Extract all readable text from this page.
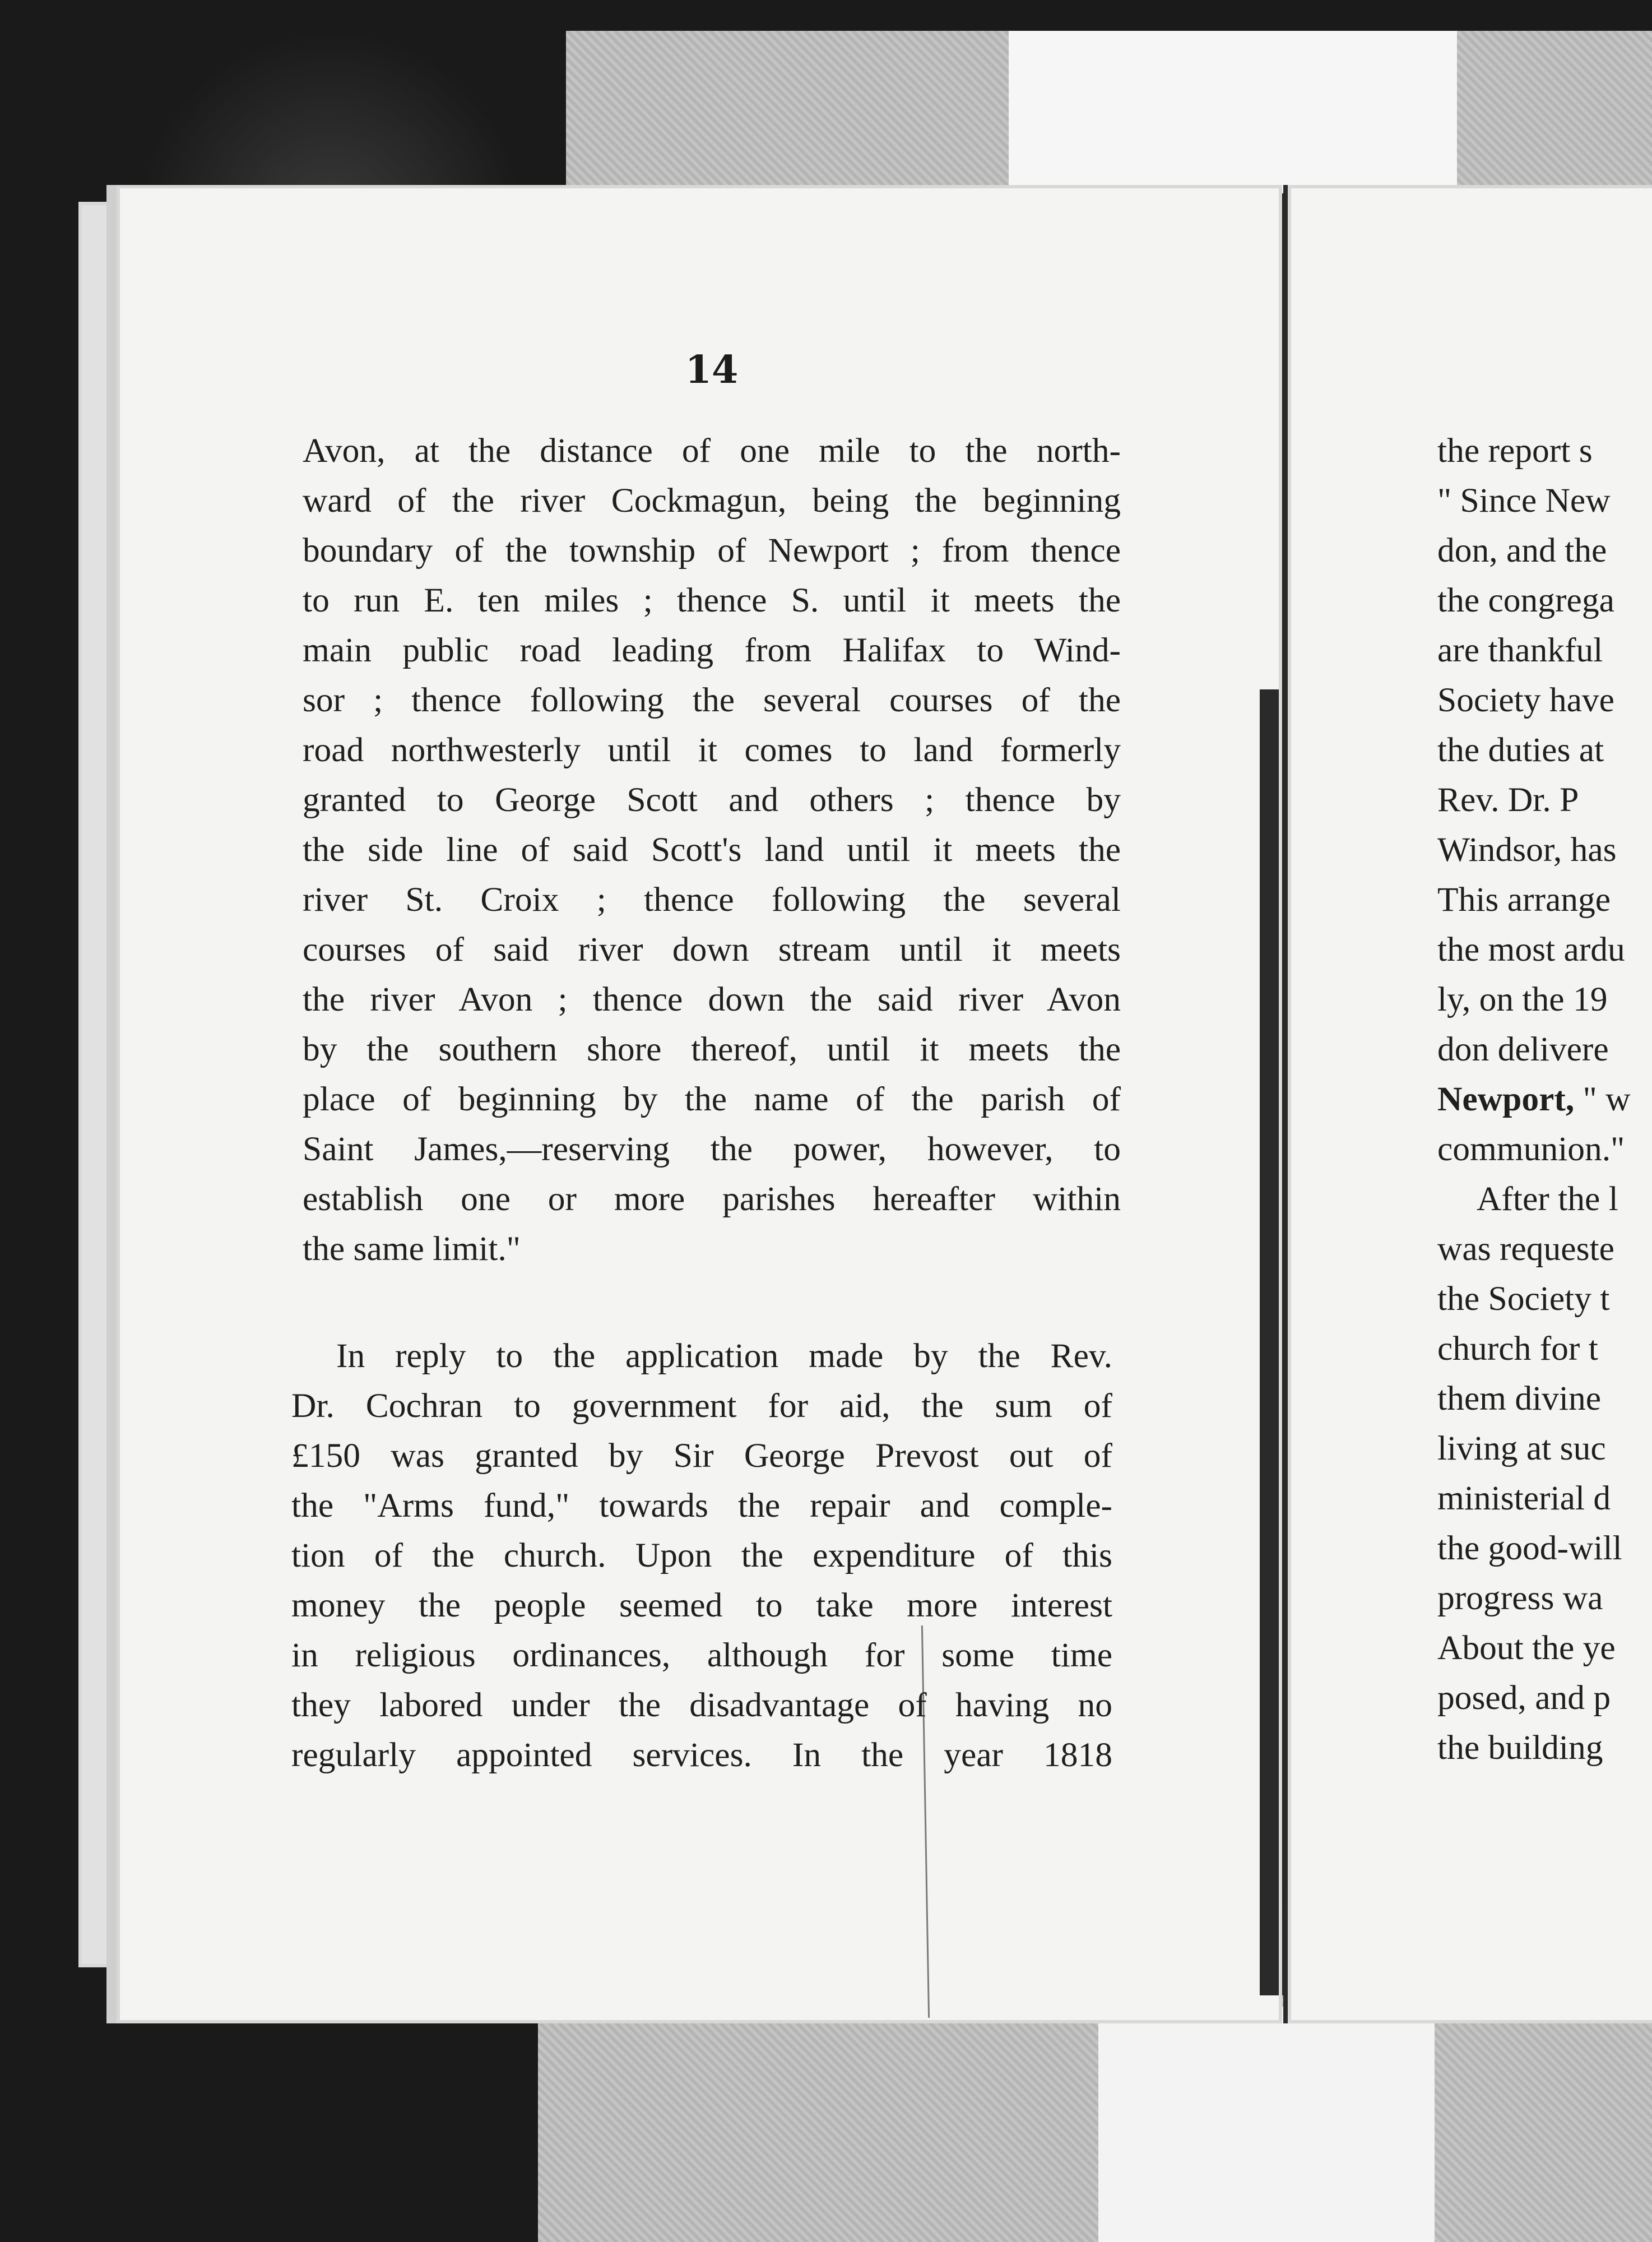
14
Avon, at the distance of one mile to the north-
ward of the river Cockmagun, being the beginning
boundary of the township of Newport ; from thence
to run E. ten miles ; thence S. until it meets the
main public road leading from Halifax to Wind-
sor ; thence following the several courses of the
road northwesterly until it comes to land formerly
granted to George Scott and others ; thence by
the side line of said Scott's land until it meets the
river St. Croix ; thence following the several
courses of said river down stream until it meets
the river Avon ; thence down the said river Avon
by the southern shore thereof, until it meets the
place of beginning by the name of the parish of
Saint James,—reserving the power, however, to
establish one or more parishes hereafter within
the same limit."
In reply to the application made by the Rev.
Dr. Cochran to government for aid, the sum of
£150 was granted by Sir George Prevost out of
the "Arms fund," towards the repair and comple-
tion of the church. Upon the expenditure of this
money the people seemed to take more interest
in religious ordinances, although for some time
they labored under the disadvantage of having no
regularly appointed services. In the year 1818
the report s
" Since New
don, and the
the congrega
are thankful
Society have
the duties at
Rev. Dr. P
Windsor, has
This arrange
the most ardu
ly, on the 19
don delivere
Newport, " w
communion."
After the l
was requeste
the Society t
church for t
them divine
living at suc
ministerial d
the good-will
progress wa
About the ye
posed, and p
the building
